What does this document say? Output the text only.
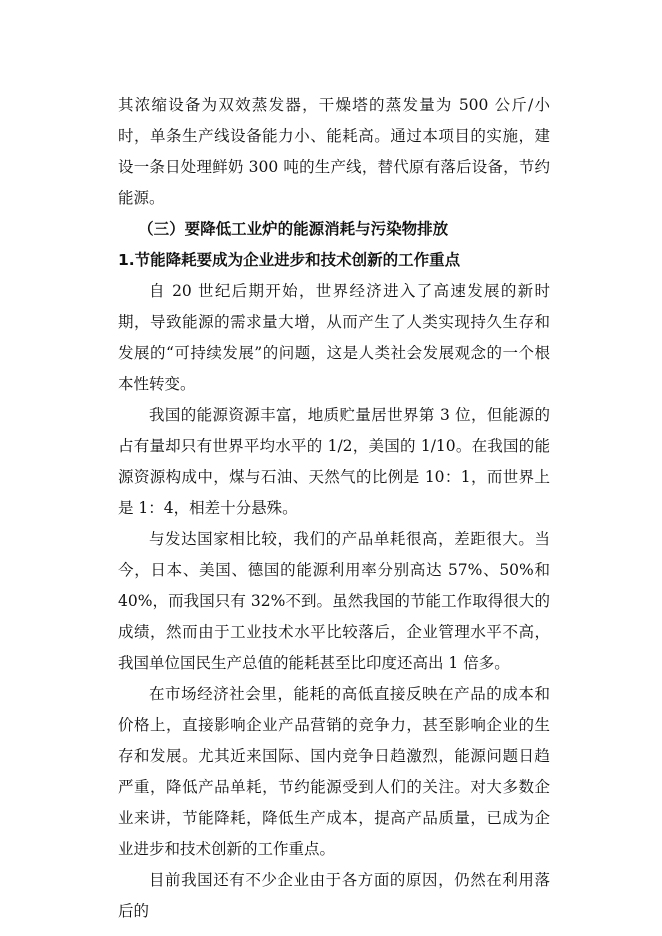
其浓缩设备为双效蒸发器，干燥塔的蒸发量为 500 公斤/小时，单条生产线设备能力小、能耗高。通过本项目的实施，建设一条日处理鲜奶 300 吨的生产线，替代原有落后设备，节约能源。

（三）要降低工业炉的能源消耗与污染物排放

1.节能降耗要成为企业进步和技术创新的工作重点

自 20 世纪后期开始，世界经济进入了高速发展的新时期，导致能源的需求量大增，从而产生了人类实现持久生存和发展的“可持续发展”的问题，这是人类社会发展观念的一个根本性转变。

我国的能源资源丰富，地质贮量居世界第 3 位，但能源的占有量却只有世界平均水平的 1/2，美国的 1/10。在我国的能源资源构成中，煤与石油、天然气的比例是 10：1，而世界上是 1：4，相差十分悬殊。

与发达国家相比较，我们的产品单耗很高，差距很大。当今，日本、美国、德国的能源利用率分别高达 57%、50%和 40%，而我国只有 32%不到。虽然我国的节能工作取得很大的成绩，然而由于工业技术水平比较落后，企业管理水平不高，我国单位国民生产总值的能耗甚至比印度还高出 1 倍多。

在市场经济社会里，能耗的高低直接反映在产品的成本和价格上，直接影响企业产品营销的竞争力，甚至影响企业的生存和发展。尤其近来国际、国内竞争日趋激烈，能源问题日趋严重，降低产品单耗，节约能源受到人们的关注。对大多数企业来讲，节能降耗，降低生产成本，提高产品质量，已成为企业进步和技术创新的工作重点。

目前我国还有不少企业由于各方面的原因，仍然在利用落后的
